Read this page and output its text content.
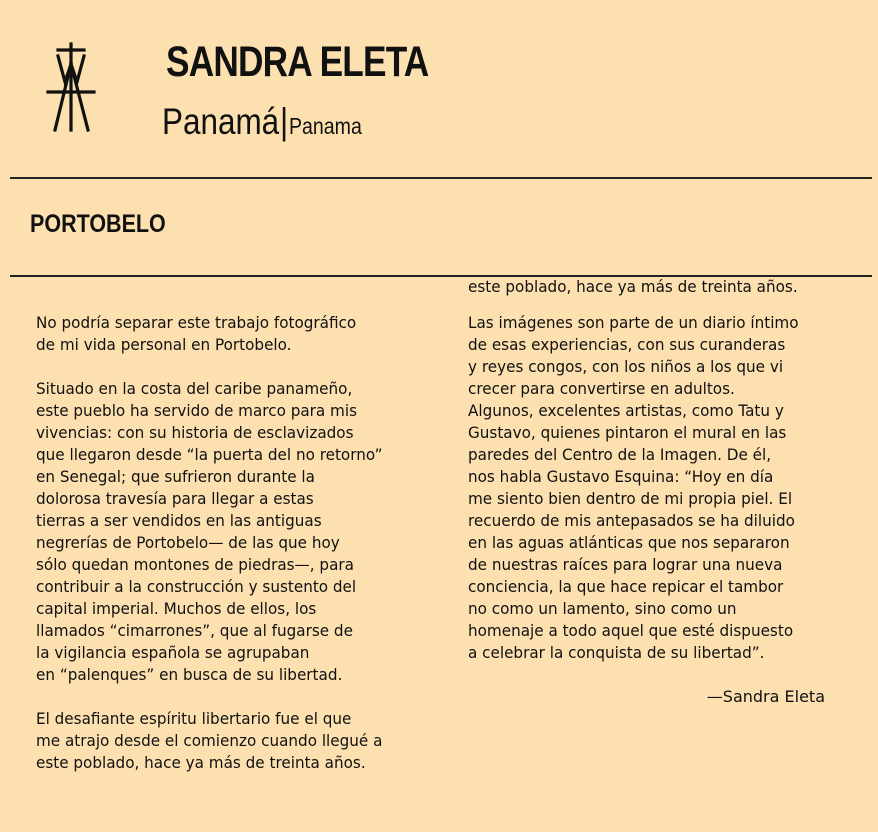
SANDRA ELETA
Panamá|Panama
PORTOBELO
este poblado, hace ya más de treinta años.

No podría separar este trabajo fotográfico

de mi vida personal en Portobelo.

Situado en la costa del caribe panameño,

este pueblo ha servido de marco para mis

vivencias: con su historia de esclavizados

que llegaron desde “la puerta del no retorno”

en Senegal; que sufrieron durante la

dolorosa travesía para llegar a estas

tierras a ser vendidos en las antiguas

negrerías de Portobelo— de las que hoy

sólo quedan montones de piedras—, para

contribuir a la construcción y sustento del

capital imperial. Muchos de ellos, los

llamados “cimarrones”, que al fugarse de

la vigilancia española se agrupaban

en “palenques” en busca de su libertad.

El desafiante espíritu libertario fue el que

me atrajo desde el comienzo cuando llegué a

este poblado, hace ya más de treinta años.

Las imágenes son parte de un diario íntimo

de esas experiencias, con sus curanderas

y reyes congos, con los niños a los que vi

crecer para convertirse en adultos.

Algunos, excelentes artistas, como Tatu y

Gustavo, quienes pintaron el mural en las

paredes del Centro de la Imagen. De él,

nos habla Gustavo Esquina: “Hoy en día

me siento bien dentro de mi propia piel. El

recuerdo de mis antepasados se ha diluido

en las aguas atlánticas que nos separaron

de nuestras raíces para lograr una nueva

conciencia, la que hace repicar el tambor

no como un lamento, sino como un

homenaje a todo aquel que esté dispuesto

a celebrar la conquista de su libertad”.

—Sandra Eleta
